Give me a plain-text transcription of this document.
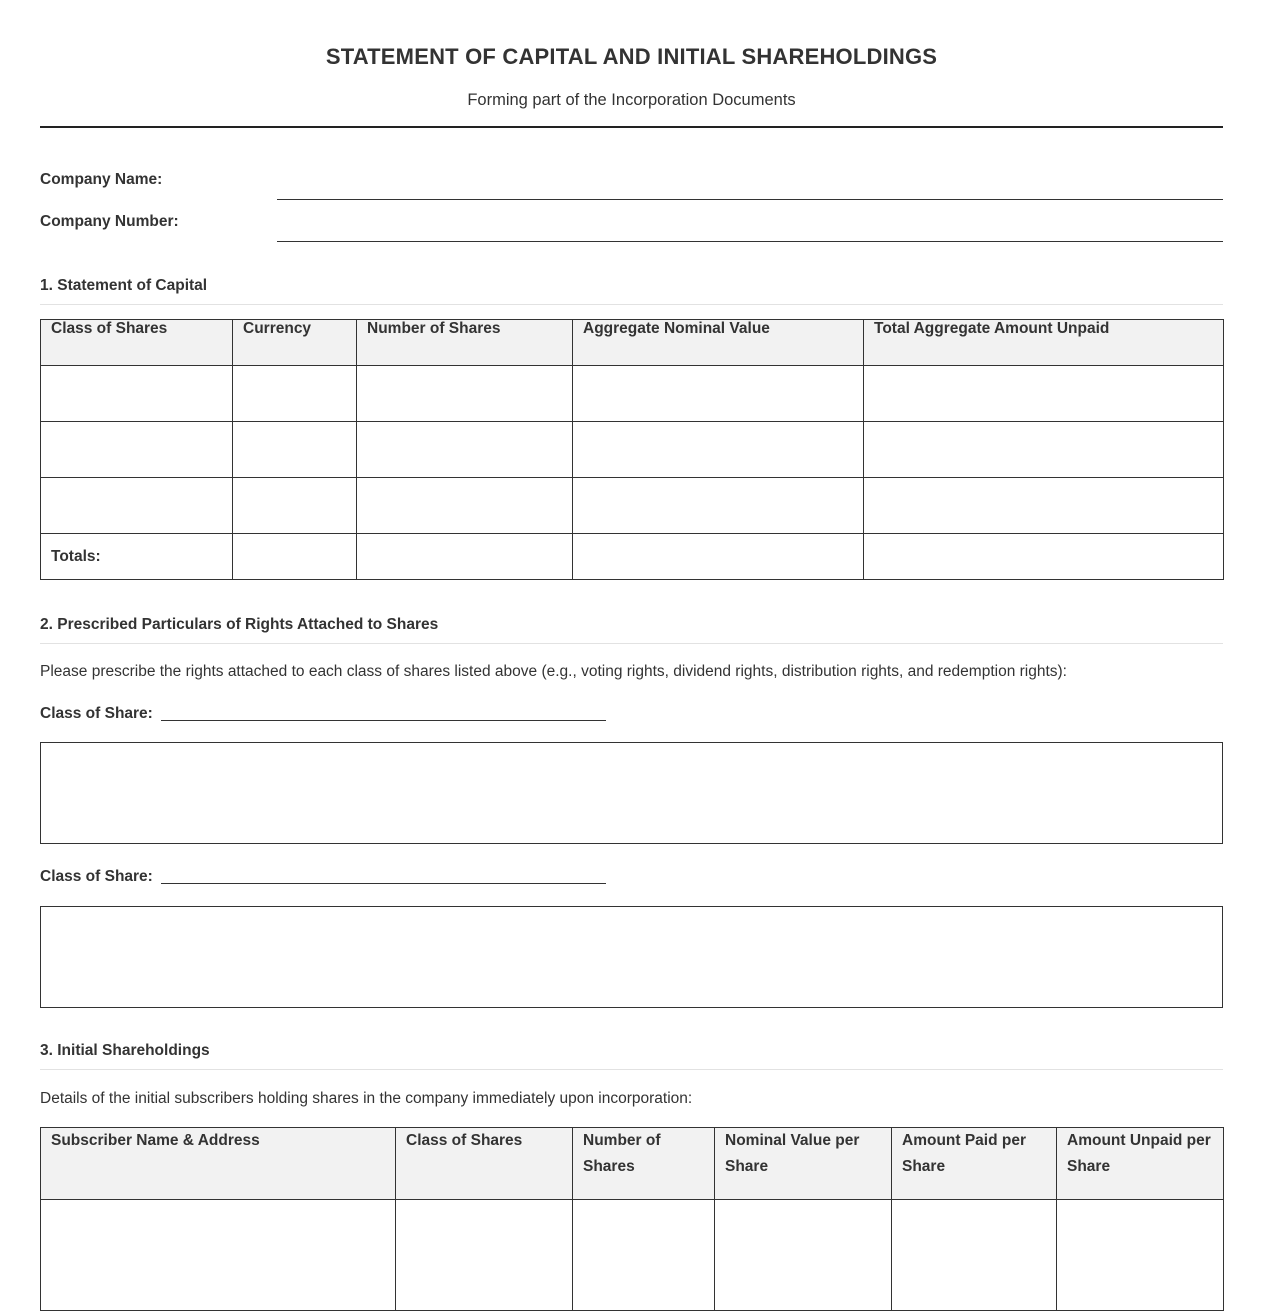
STATEMENT OF CAPITAL AND INITIAL SHAREHOLDINGS
Forming part of the Incorporation Documents
Company Name:
Company Number:
1. Statement of Capital
Class of Shares	Currency	Number of Shares	Aggregate Nominal Value	Total Aggregate Amount Unpaid

Totals:				
2. Prescribed Particulars of Rights Attached to Shares
Please prescribe the rights attached to each class of shares listed above (e.g., voting rights, dividend rights, distribution rights, and redemption rights):
Class of Share:
Class of Share:
3. Initial Shareholdings
Details of the initial subscribers holding shares in the company immediately upon incorporation:
Subscriber Name & Address	Class of Shares	Number of Shares	Nominal Value per Share	Amount Paid per Share	Amount Unpaid per Share
